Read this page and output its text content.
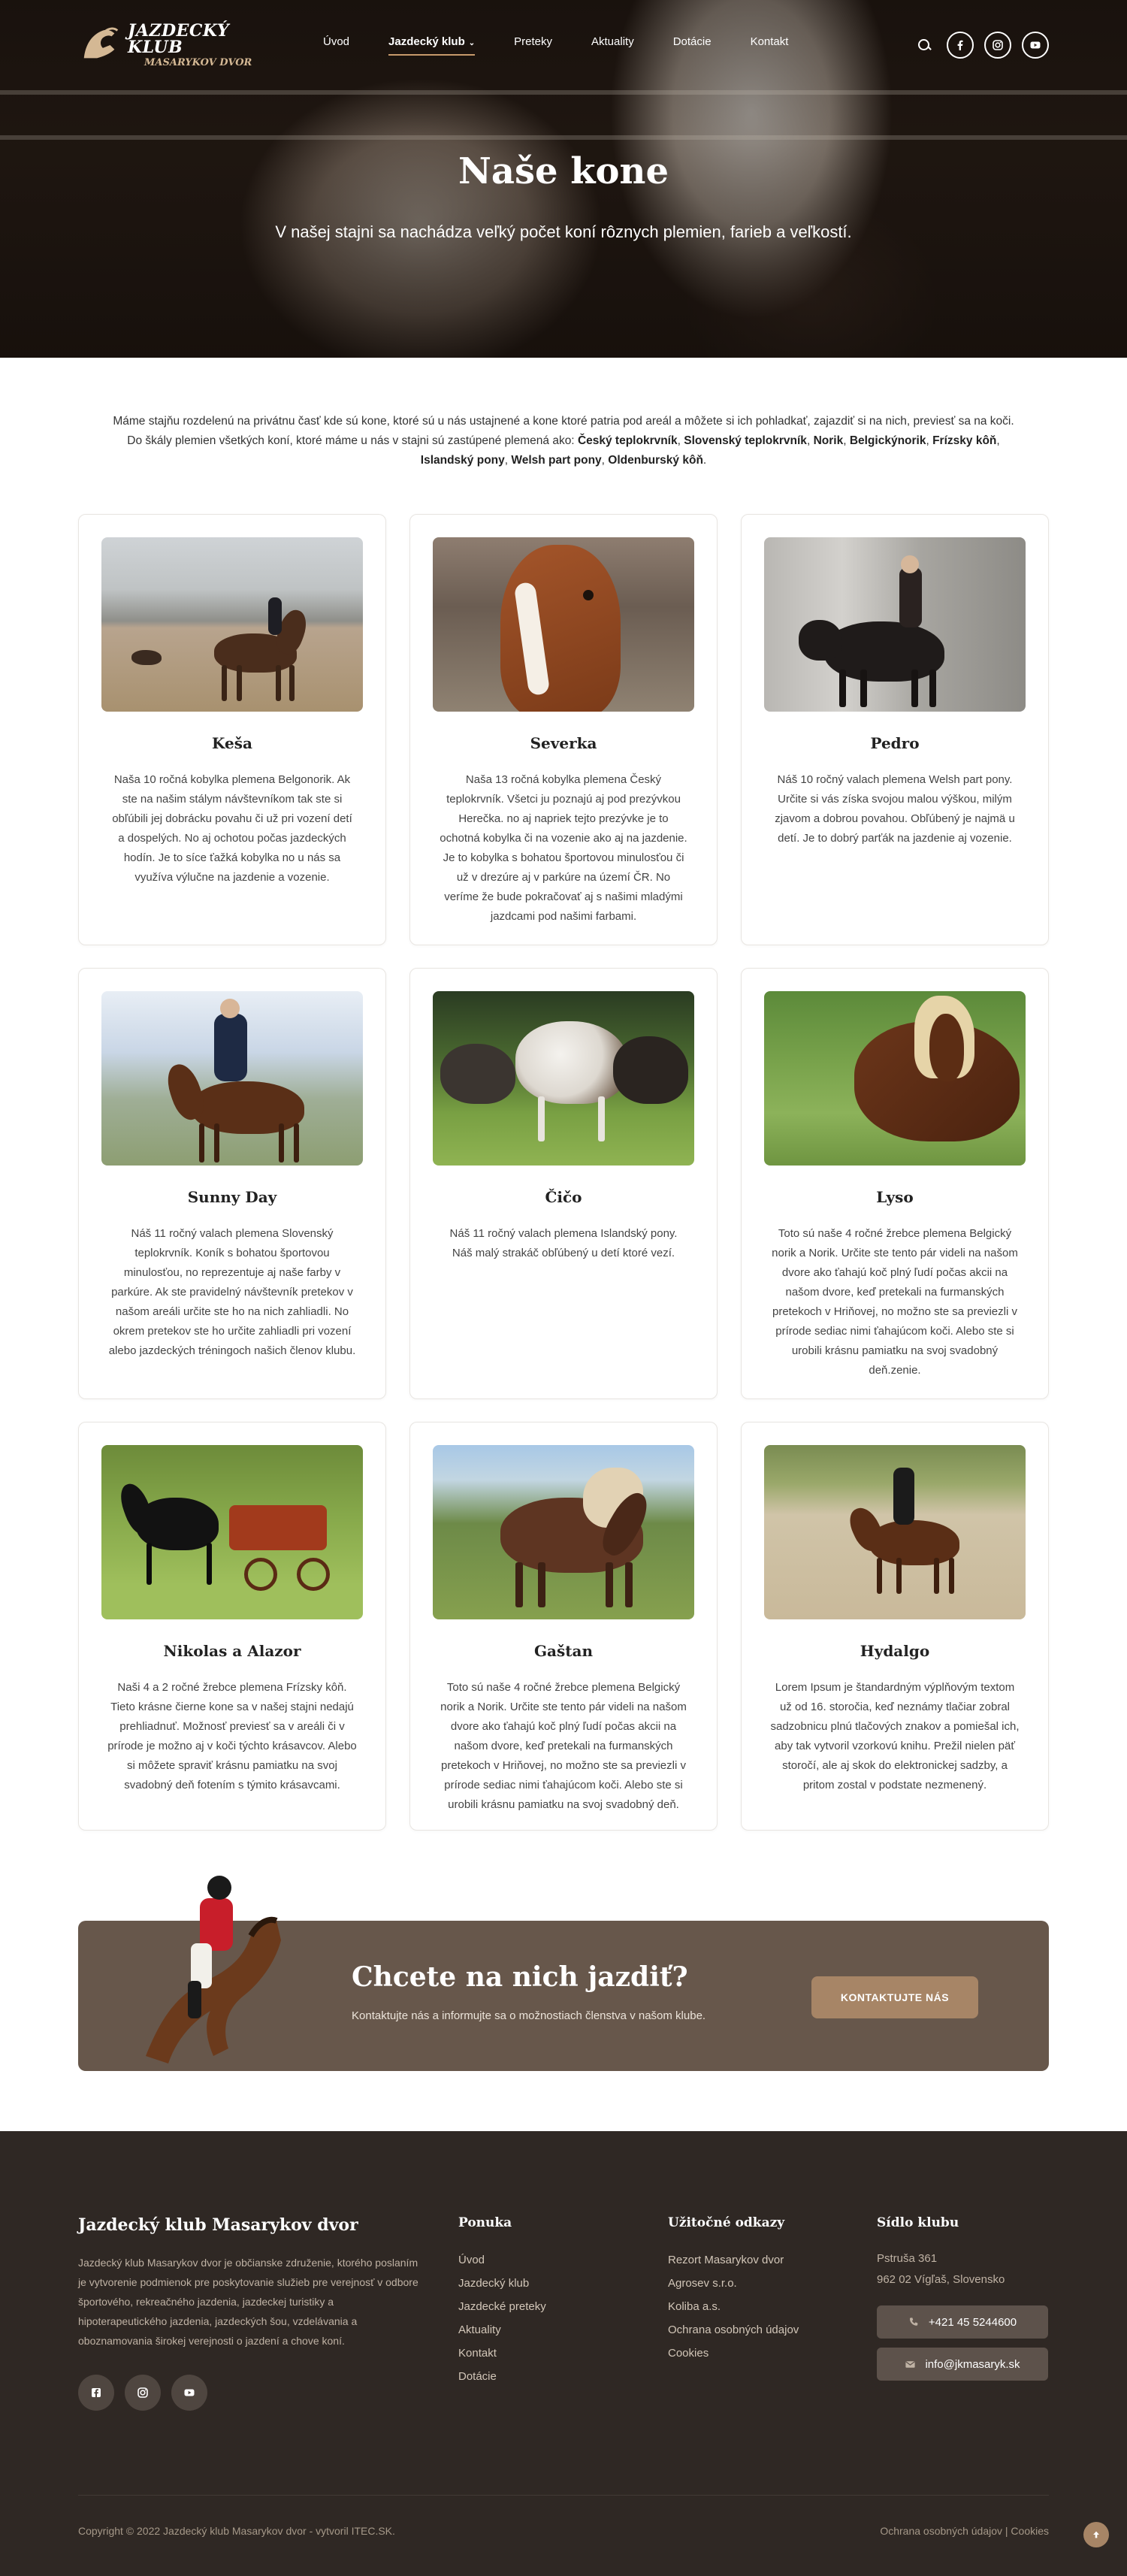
JAZDECKÝ KLUB
MASARYKOV DVOR
Úvod	Jazdecký klub ⌄	Preteky	Aktuality	Dotácie	Kontakt
Naše kone

V našej stajni sa nachádza veľký počet koní rôznych plemien, farieb a veľkostí.

Máme stajňu rozdelenú na privátnu časť kde sú kone, ktoré sú u nás ustajnené a kone ktoré patria pod areál a môžete si ich pohladkať, zajazdiť si na nich, previesť sa na koči. Do škály plemien všetkých koní, ktoré máme u nás v stajni sú zastúpené plemená ako: Český teplokrvník, Slovenský teplokrvník, Norik, Belgickýnorik, Frízsky kôň, Islandský pony, Welsh part pony, Oldenburský kôň.

Keša

Naša 10 ročná kobylka plemena Belgonorik. Ak ste na našim stálym návštevníkom tak ste si obľúbili jej dobrácku povahu či už pri vození detí a dospelých. No aj ochotou počas jazdeckých hodín. Je to síce ťažká kobylka no u nás sa využíva výlučne na jazdenie a vozenie.

Severka

Naša 13 ročná kobylka plemena Český teplokrvník. Všetci ju poznajú aj pod prezývkou Herečka. no aj napriek tejto prezývke je to ochotná kobylka či na vozenie ako aj na jazdenie. Je to kobylka s bohatou športovou minulosťou či už v drezúre aj v parkúre na území ČR. No veríme že bude pokračovať aj s našimi mladými jazdcami pod našimi farbami.

Pedro

Náš 10 ročný valach plemena Welsh part pony. Určite si vás získa svojou malou výškou, milým zjavom a dobrou povahou. Obľúbený je najmä u detí. Je to dobrý parťák na jazdenie aj vozenie.

Sunny Day

Náš 11 ročný valach plemena Slovenský teplokrvník. Koník s bohatou športovou minulosťou, no reprezentuje aj naše farby v parkúre. Ak ste pravidelný návštevník pretekov v našom areáli určite ste ho na nich zahliadli. No okrem pretekov ste ho určite zahliadli pri vození alebo jazdeckých tréningoch našich členov klubu.

Čičo

Náš 11 ročný valach plemena Islandský pony. Náš malý strakáč obľúbený u detí ktoré vezí.

Lyso

Toto sú naše 4 ročné žrebce plemena Belgický norik a Norik. Určite ste tento pár videli na našom dvore ako ťahajú koč plný ľudí počas akcii na našom dvore, keď pretekali na furmanských pretekoch v Hriňovej, no možno ste sa previezli v prírode sediac nimi ťahajúcom koči. Alebo ste si urobili krásnu pamiatku na svoj svadobný deň.zenie.

Nikolas a Alazor

Naši 4 a 2 ročné žrebce plemena Frízsky kôň. Tieto krásne čierne kone sa v našej stajni nedajú prehliadnuť. Možnosť previesť sa v areáli či v prírode je možno aj v koči týchto krásavcov. Alebo si môžete spraviť krásnu pamiatku na svoj svadobný deň fotením s týmito krásavcami.

Gaštan

Toto sú naše 4 ročné žrebce plemena Belgický norik a Norik. Určite ste tento pár videli na našom dvore ako ťahajú koč plný ľudí počas akcii na našom dvore, keď pretekali na furmanských pretekoch v Hriňovej, no možno ste sa previezli v prírode sediac nimi ťahajúcom koči. Alebo ste si urobili krásnu pamiatku na svoj svadobný deň.

Hydalgo

Lorem Ipsum je štandardným výplňovým textom už od 16. storočia, keď neznámy tlačiar zobral sadzobnicu plnú tlačových znakov a pomiešal ich, aby tak vytvoril vzorkovú knihu. Prežil nielen päť storočí, ale aj skok do elektronickej sadzby, a pritom zostal v podstate nezmenený.

Chcete na nich jazdiť?

Kontaktujte nás a informujte sa o možnostiach členstva v našom klube.

KONTAKTUJTE NÁS
Jazdecký klub Masarykov dvor

Jazdecký klub Masarykov dvor je občianske združenie, ktorého poslaním je vytvorenie podmienok pre poskytovanie služieb pre verejnosť v odbore športového, rekreačného jazdenia, jazdeckej turistiky a hipoterapeutického jazdenia, jazdeckých šou, vzdelávania a oboznamovania širokej verejnosti o jazdení a chove koní.

Ponuka
Úvod
Jazdecký klub
Jazdecké preteky
Aktuality
Kontakt
Dotácie
Užitočné odkazy
Rezort Masarykov dvor
Agrosev s.r.o.
Koliba a.s.
Ochrana osobných údajov
Cookies
Sídlo klubu
Pstruša 361
962 02 Vígľaš, Slovensko
+421 45 5244600
info@jkmasaryk.sk
Copyright © 2022 Jazdecký klub Masarykov dvor - vytvoril ITEC.SK.	Ochrana osobných údajov | Cookies
